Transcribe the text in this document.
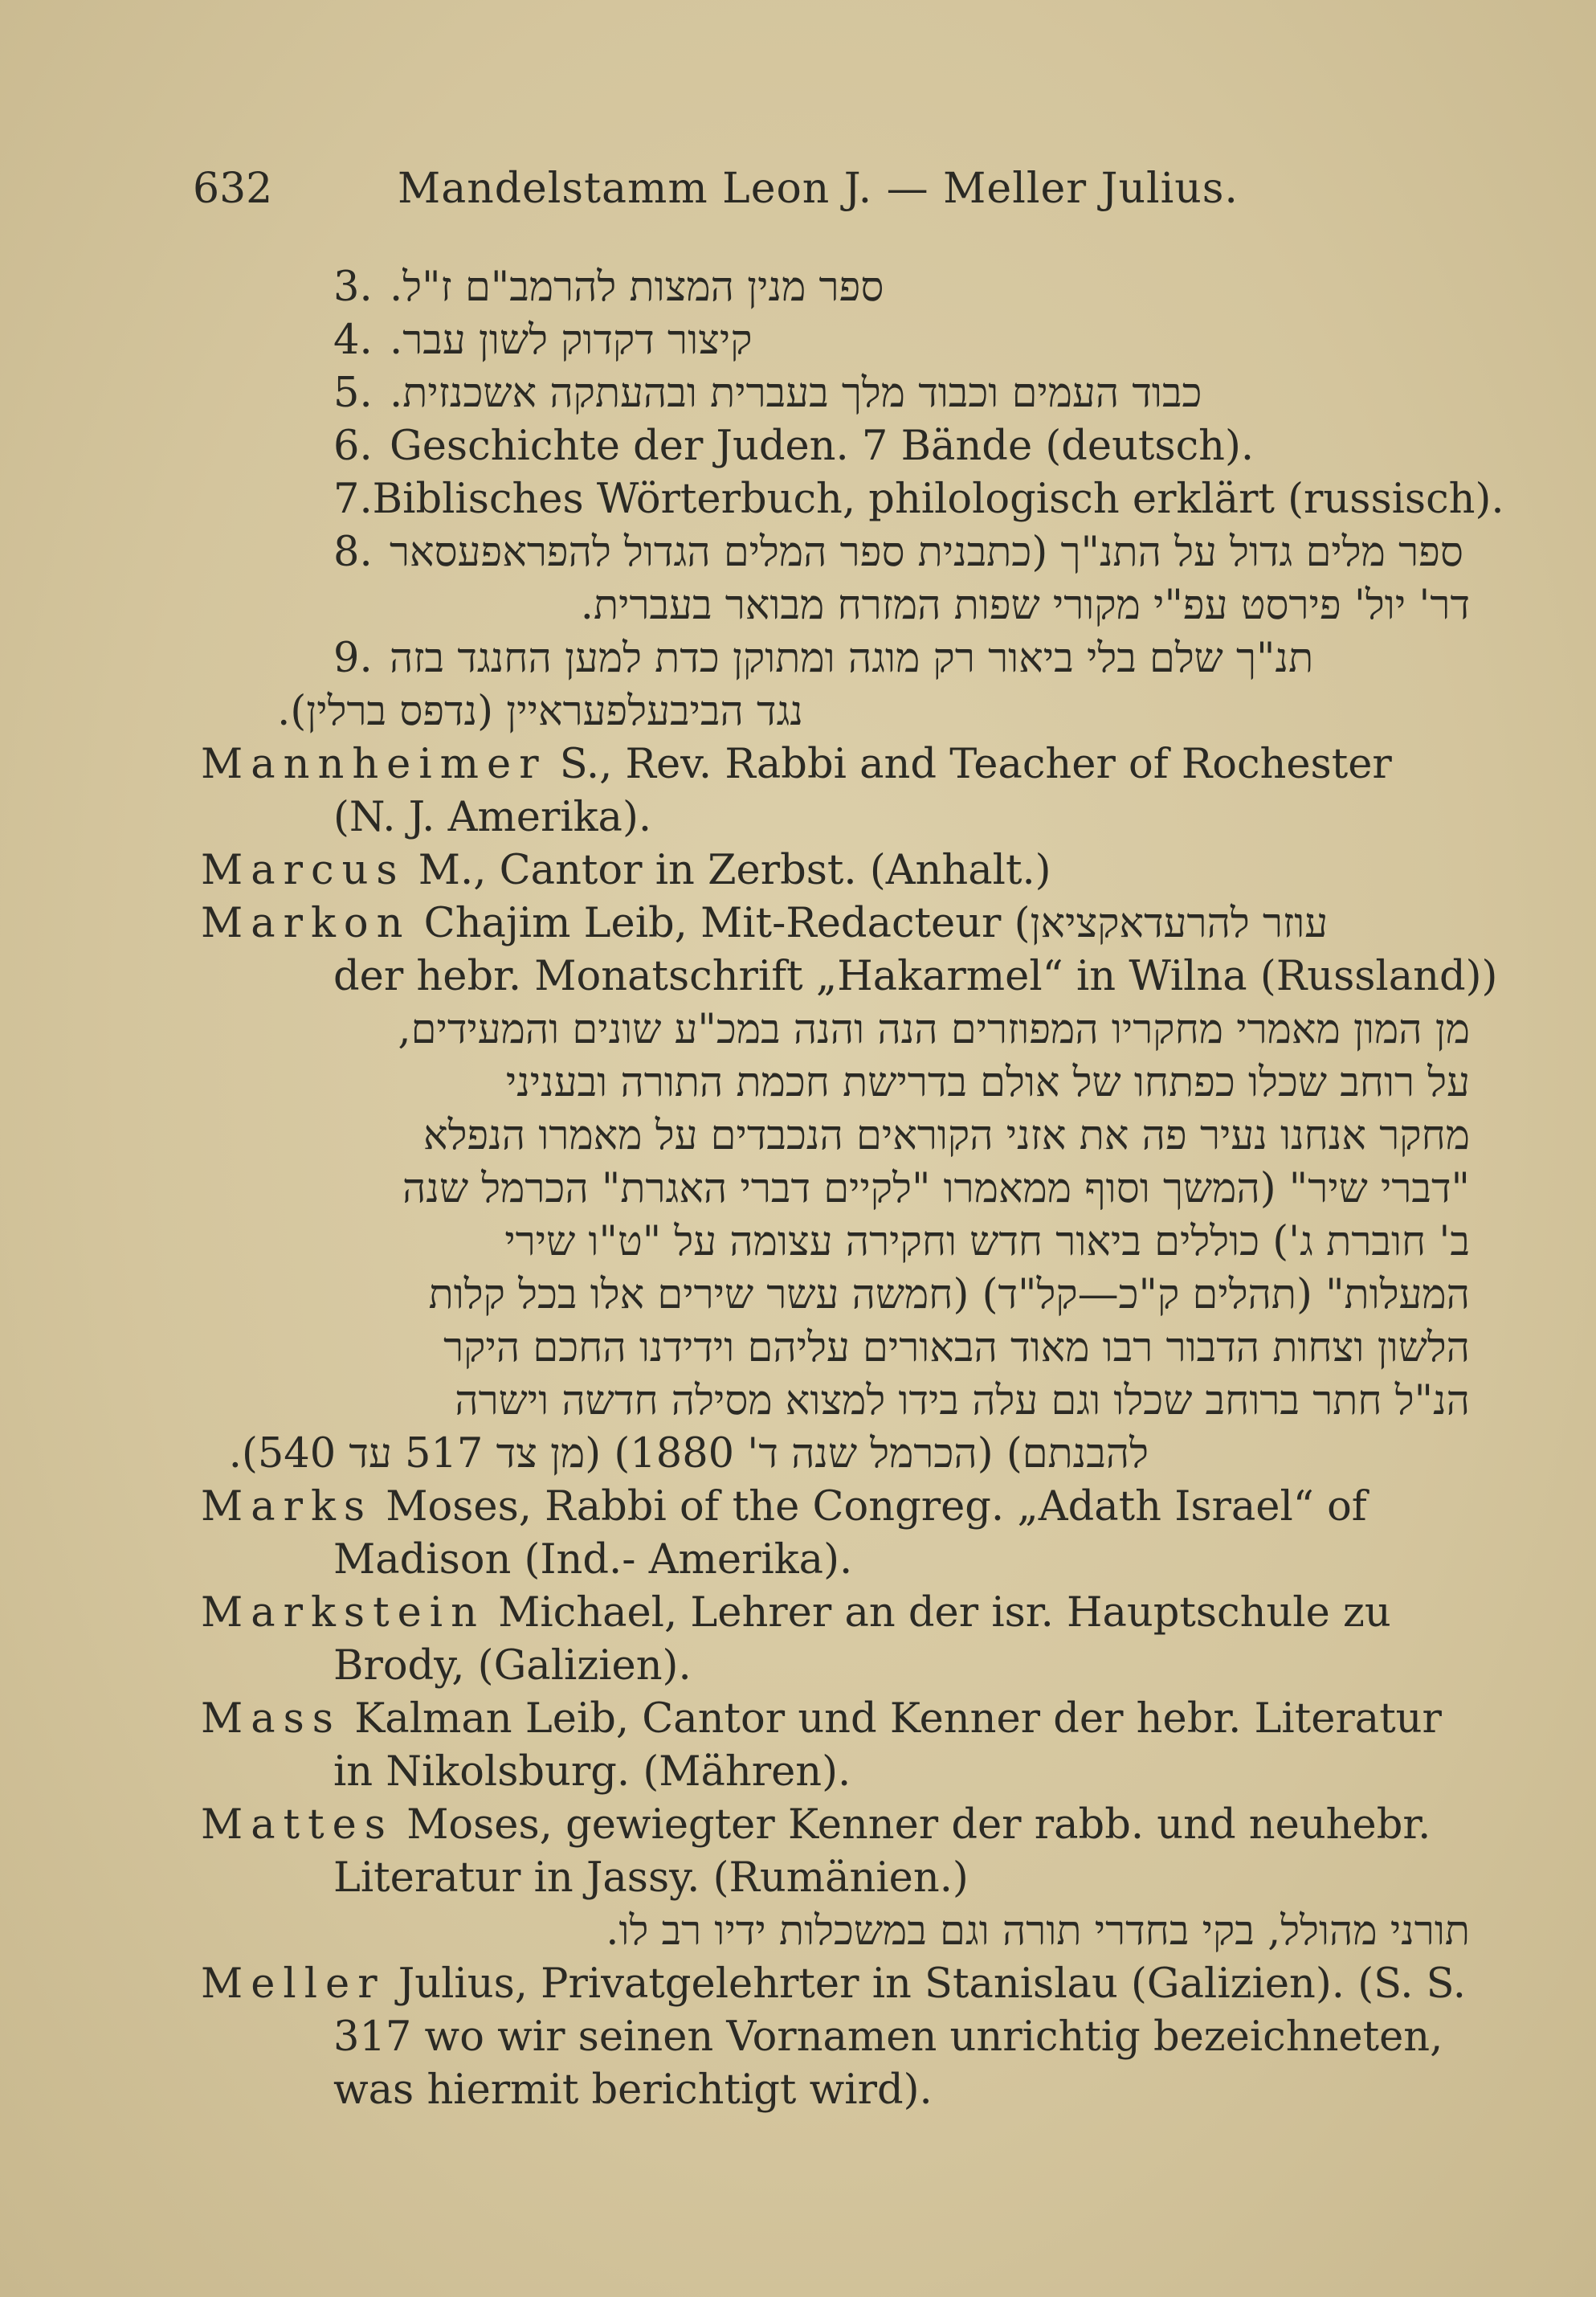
632	Mandelstamm Leon J. — Meller Julius.
3. ספר מנין המצות להרמב"ם ז"ל.
4. קיצור דקדוק לשון עבר.
5. כבוד העמים וכבוד מלך בעברית ובהעתקה אשכנזית.
6. Geschichte der Juden. 7 Bände (deutsch).
7. Biblisches Wörterbuch, philologisch erklärt (russisch).
8. ספר מלים גדול על התנ"ך (כתבנית ספר המלים הגדול להפראפעסאר
דר' יול' פירסט עפ"י מקורי שפות המזרח מבואר בעברית.
9. תנ"ך שלם בלי ביאור רק מוגה ומתוקן כדת למען החנגד בזה
נגד הביבעלפעראיין (נדפס ברלין).
Mannheimer S., Rev. Rabbi and Teacher of Rochester
(N. J. Amerika).
Marcus M., Cantor in Zerbst. (Anhalt.)
Markon Chajim Leib, Mit-Redacteur (עוזר להרעדאקציאן
der hebr. Monatschrift „Hakarmel“ in Wilna (Russland))
מן המון מאמרי מחקריו המפוזרים הנה והנה במכ"ע שונים והמעידים,
על רוחב שכלו כפתחו של אולם בדרישת חכמת התורה ובעניני
מחקר אנחנו נעיר פה את אזני הקוראים הנכבדים על מאמרו הנפלא
"דברי שיר" (המשך וסוף ממאמרו "לקיים דברי האגרת" הכרמל שנה
ב' חוברת ג') כוללים ביאור חדש וחקירה עצומה על "ט"ו שירי
המעלות" (תהלים ק"כ—קל"ד) (חמשה עשר שירים אלו בכל קלות
הלשון וצחות הדבור רבו מאוד הבאורים עליהם וידידנו החכם היקר
הנ"ל חתר ברוחב שכלו וגם עלה בידו למצוא מסילה חדשה וישרה
להבנתם) (הכרמל שנה ד' 1880) (מן צד 517 עד 540).
Marks Moses, Rabbi of the Congreg. „Adath Israel“ of
Madison (Ind.- Amerika).
Markstein Michael, Lehrer an der isr. Hauptschule zu
Brody, (Galizien).
Mass Kalman Leib, Cantor und Kenner der hebr. Literatur
in Nikolsburg. (Mähren).
Mattes Moses, gewiegter Kenner der rabb. und neuhebr.
Literatur in Jassy. (Rumänien.)
תורני מהולל, בקי בחדרי תורה וגם במשכלות ידיו רב לו.
Meller Julius, Privatgelehrter in Stanislau (Galizien). (S. S.
317 wo wir seinen Vornamen unrichtig bezeichneten,
was hiermit berichtigt wird).
